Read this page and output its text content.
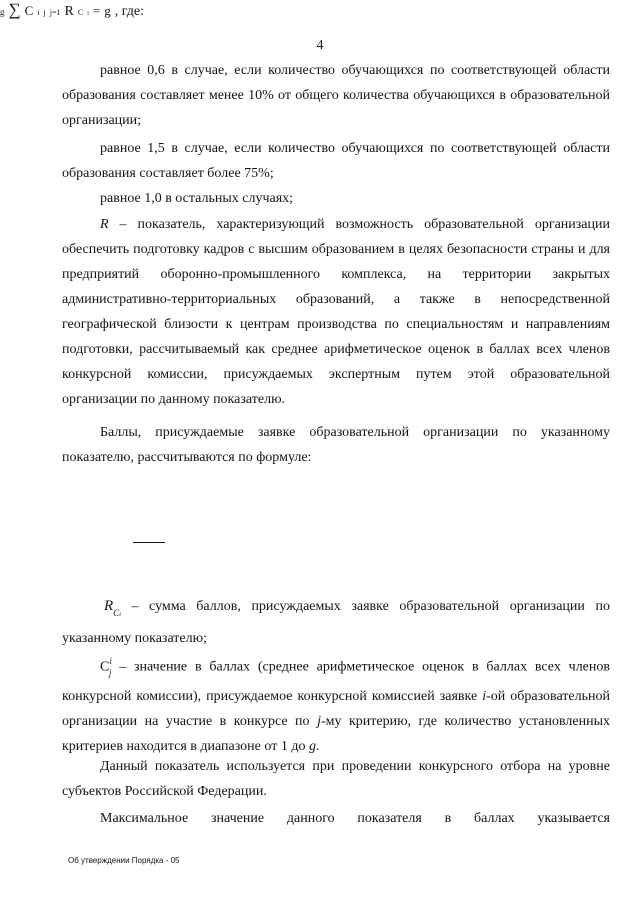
4

равное 0,6 в случае, если количество обучающихся по соответствующей области образования составляет менее 10% от общего количества обучающихся в образовательной организации;

равное 1,5 в случае, если количество обучающихся по соответствующей области образования составляет более 75%;

равное 1,0 в остальных случаях;

R – показатель, характеризующий возможность образовательной организации обеспечить подготовку кадров с высшим образованием в целях безопасности страны и для предприятий оборонно-промышленного комплекса, на территории закрытых административно-территориальных образований, а также в непосредственной географической близости к центрам производства по специальностям и направлениям подготовки, рассчитываемый как среднее арифметическое оценок в баллах всех членов конкурсной комиссии, присуждаемых экспертным путем этой образовательной организации по данному показателю.

Баллы, присуждаемые заявке образовательной организации по указанному показателю, рассчитываются по формуле:

g ∑ C i j j=1 R C i = g , где:

$R_{Ci}$ – сумма баллов, присуждаемых заявке образовательной организации по указанному показателю;

$C^i_j$ – значение в баллах (среднее арифметическое оценок в баллах всех членов конкурсной комиссии), присуждаемое конкурсной комиссией заявке i-ой образовательной организации на участие в конкурсе по j-му критерию, где количество установленных критериев находится в диапазоне от 1 до g.

Данный показатель используется при проведении конкурсного отбора на уровне субъектов Российской Федерации.

Максимальное значение данного показателя в баллах указывается

Об утверждении Порядка - 05
